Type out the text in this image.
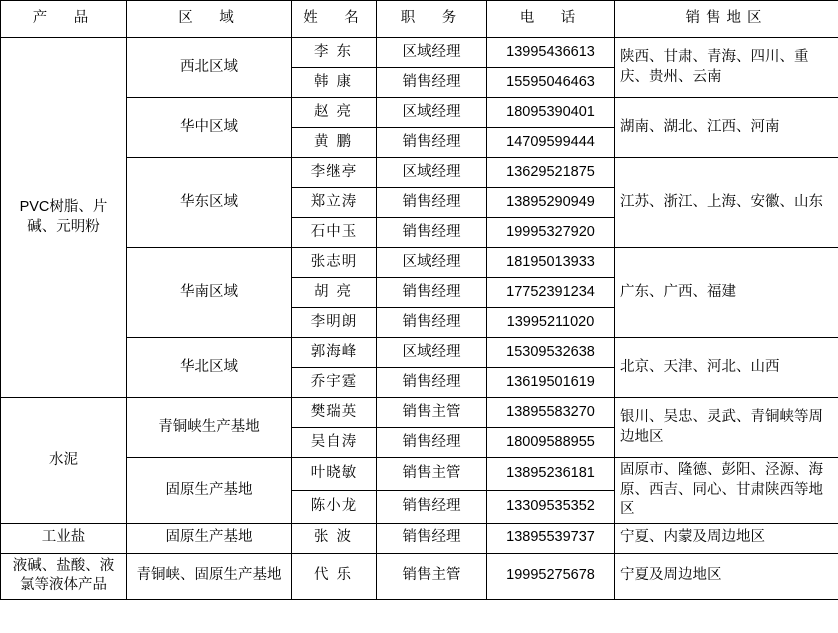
产　品	区　域	姓　名	职　务	电　话	销售地区
PVC树脂、片碱、元明粉	西北区域	李东	区域经理	13995436613	陕西、甘肃、青海、四川、重庆、贵州、云南
		韩康	销售经理	15595046463	
	华中区域	赵亮	区域经理	18095390401	湖南、湖北、江西、河南
		黄鹏	销售经理	14709599444	
	华东区域	李继亭	区域经理	13629521875	江苏、浙江、上海、安徽、山东
		郑立涛	销售经理	13895290949	
		石中玉	销售经理	19995327920	
	华南区域	张志明	区域经理	18195013933	广东、广西、福建
		胡亮	销售经理	17752391234	
		李明朗	销售经理	13995211020	
	华北区域	郭海峰	区域经理	15309532638	北京、天津、河北、山西
		乔宇霆	销售经理	13619501619	
水泥	青铜峡生产基地	樊瑞英	销售主管	13895583270	银川、吴忠、灵武、青铜峡等周边地区
		吴自涛	销售经理	18009588955	
	固原生产基地	叶晓敏	销售主管	13895236181	固原市、隆德、彭阳、泾源、海原、西吉、同心、甘肃陕西等地区
		陈小龙	销售经理	13309535352	
工业盐	固原生产基地	张波	销售经理	13895539737	宁夏、内蒙及周边地区
液碱、盐酸、液氯等液体产品	青铜峡、固原生产基地	代乐	销售主管	19995275678	宁夏及周边地区
